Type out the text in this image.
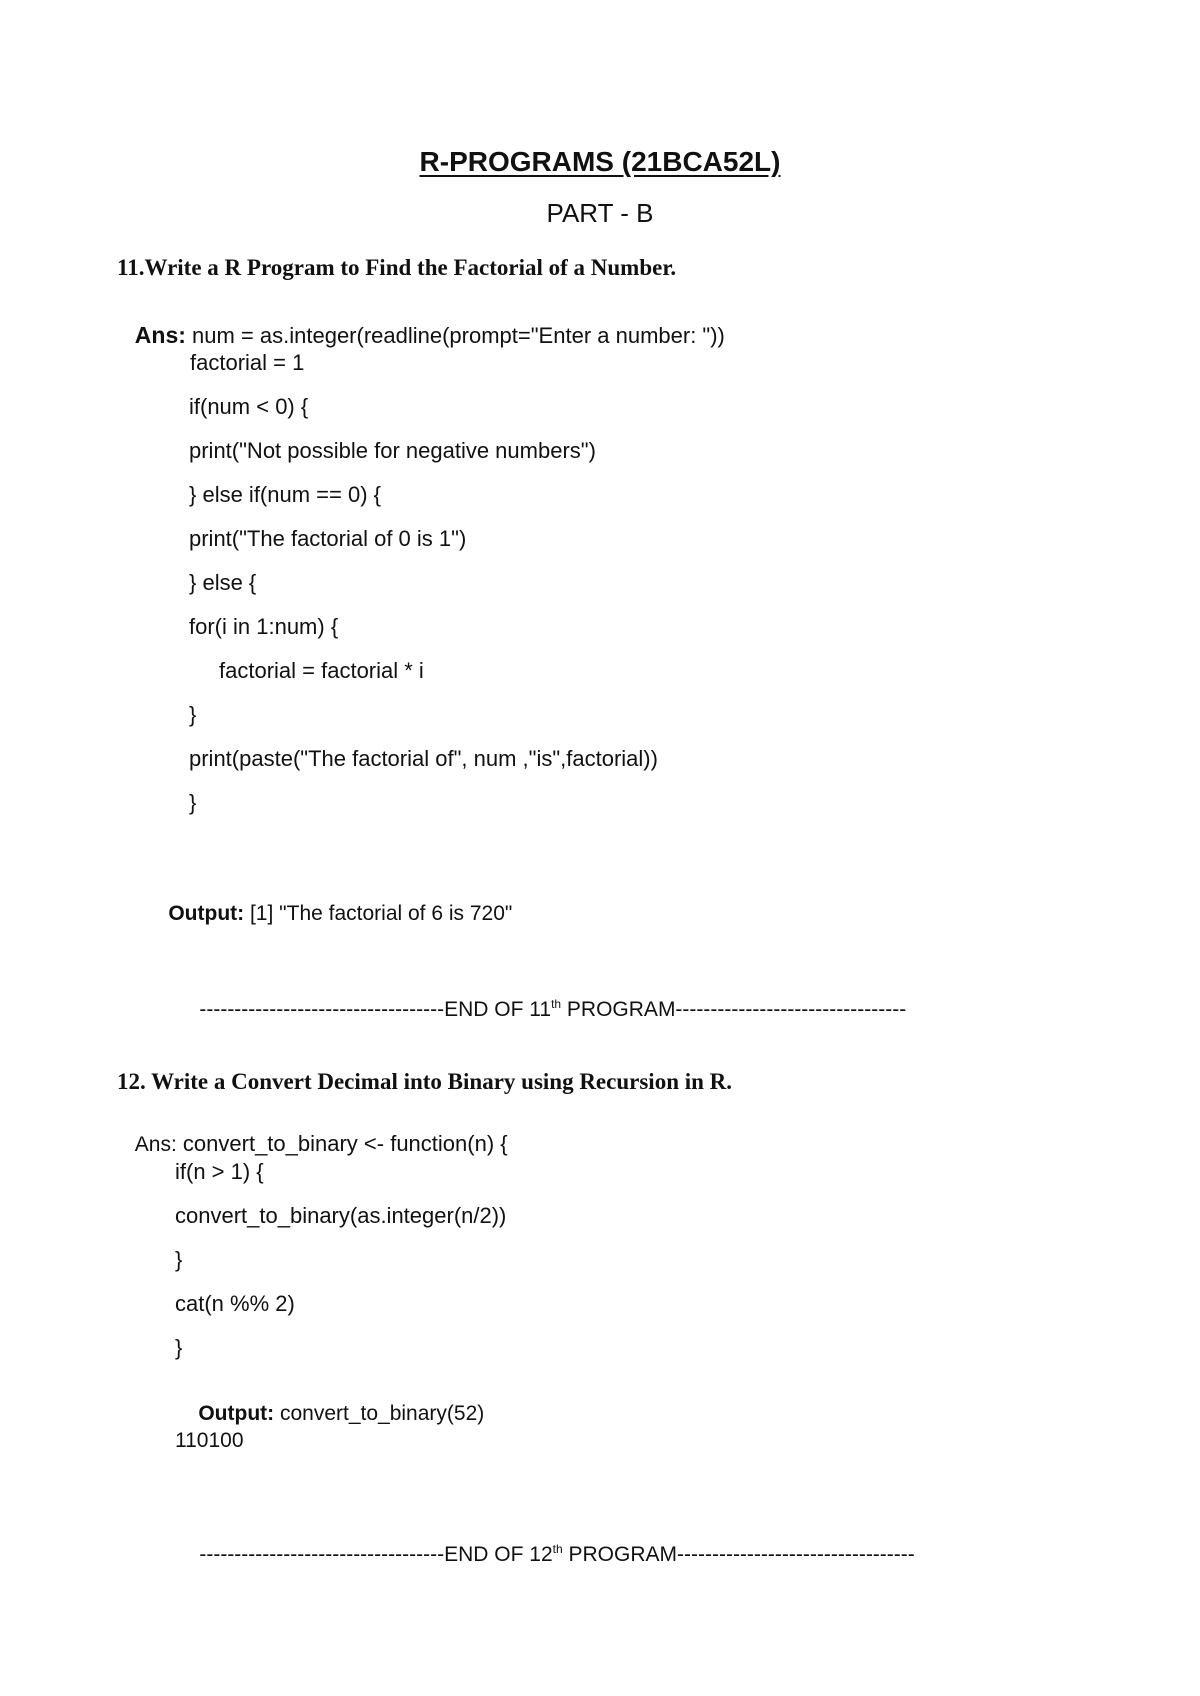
R-PROGRAMS (21BCA52L)
PART - B
11.Write a R Program to Find the Factorial of a Number.

Ans: num = as.integer(readline(prompt="Enter a number: "))

factorial = 1
if(num < 0) {
print("Not possible for negative numbers")
} else if(num == 0) {
print("The factorial of 0 is 1")
} else {
for(i in 1:num) {
factorial = factorial * i
}
print(paste("The factorial of", num ,"is",factorial))
}

Output: [1] "The factorial of 6 is 720"

-----------------------------------END OF 11th PROGRAM---------------------------------

12. Write a Convert Decimal into Binary using Recursion in R.

Ans: convert_to_binary <- function(n) {

if(n > 1) {
convert_to_binary(as.integer(n/2))
}
cat(n %% 2)
}

Output: convert_to_binary(52)

110100

-----------------------------------END OF 12th PROGRAM----------------------------------
